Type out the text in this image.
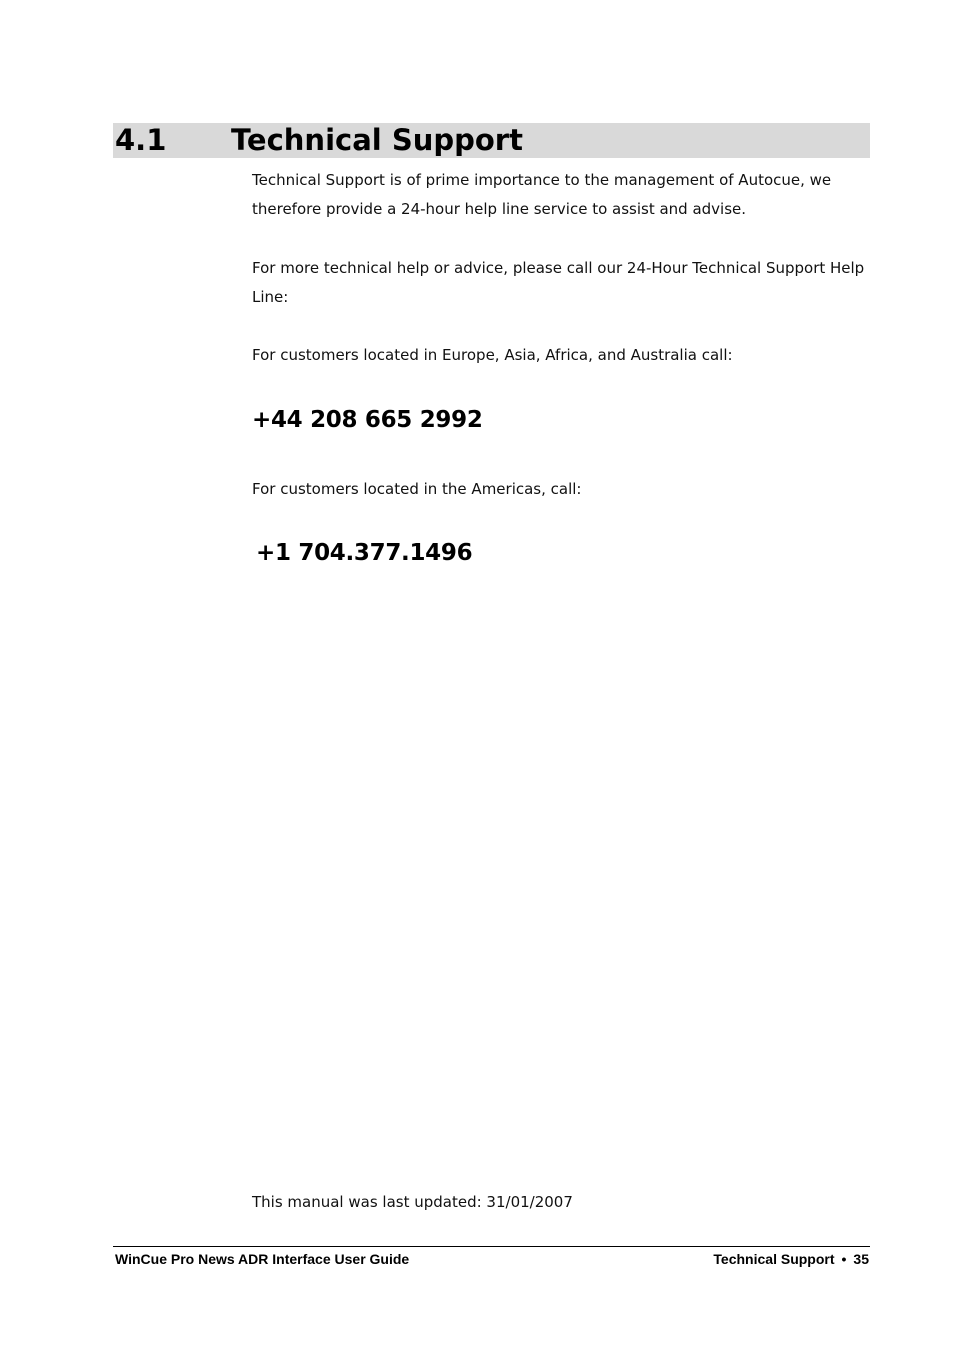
4.1 Technical Support
Technical Support is of prime importance to the management of Autocue, we therefore provide a 24-hour help line service to assist and advise.
For more technical help or advice, please call our 24-Hour Technical Support Help Line:
For customers located in Europe, Asia, Africa, and Australia call:
+44 208 665 2992
For customers located in the Americas, call:
+1 704.377.1496
This manual was last updated: 31/01/2007
WinCue Pro News ADR Interface User Guide	Technical Support • 35
